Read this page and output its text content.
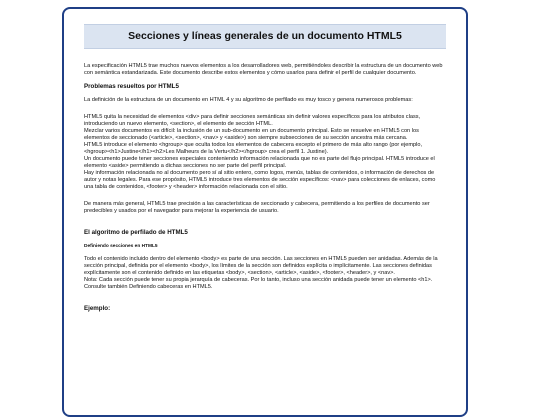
Secciones y líneas generales de un documento HTML5

La especificación HTML5 trae muchos nuevos elementos a los desarrolladores web, permitiéndoles describir la estructura de un documento web con semántica estandarizada. Este documento describe estos elementos y cómo usarlos para definir el perfil de cualquier documento.

Problemas resueltos por HTML5

La definición de la estructura de un documento en HTML 4 y su algoritmo de perfilado es muy tosco y genera numerosos problemas:

HTML5 quita la necesidad de elementos <div> para definir secciones semánticas sin definir valores específicos para los atributos class, introduciendo un nuevo elemento, <section>, el elemento de sección HTML.

Mezclar varios documentos es difícil: la inclusión de un sub-documento en un documento principal. Esto se resuelve en HTML5 con los elementos de seccionado (<article>, <section>, <nav> y <aside>) son siempre subsecciones de su sección ancestra más cercana.

HTML5 introduce el elemento <hgroup> que oculta todos los elementos de cabecera excepto el primero de más alto rango (por ejemplo, <hgroup><h1>Justine</h1><h2>Les Malheurs de la Vertu</h2></hgroup> crea el perfil 1. Justine).

Un documento puede tener secciones especiales conteniendo información relacionada que no es parte del flujo principal. HTML5 introduce el elemento <aside> permitiendo a dichas secciones no ser parte del perfil principal.

Hay información relacionada no al documento pero sí al sitio entero, como logos, menús, tablas de contenidos, o información de derechos de autor y notas legales. Para ese propósito, HTML5 introduce tres elementos de sección específicos: <nav> para colecciones de enlaces, como una tabla de contenidos, <footer> y <header> información relacionada con el sitio.

De manera más general, HTML5 trae precisión a las características de seccionado y cabecera, permitiendo a los perfiles de documento ser predecibles y usados por el navegador para mejorar la experiencia de usuario.

El algoritmo de perfilado de HTML5
Definiendo secciones en HTML5

Todo el contenido incluido dentro del elemento <body> es parte de una sección. Las secciones en HTML5 pueden ser anidadas. Además de la sección principal, definida por el elemento <body>, los límites de la sección son definidos explícita o implícitamente. Las secciones definidas explícitamente son el contenido definido en las etiquetas <body>, <section>, <article>, <aside>, <footer>, <header>, y <nav>.

Nota: Cada sección puede tener su propia jerarquía de cabeceras. Por lo tanto, incluso una sección anidada puede tener un elemento <h1>. Consulte también Definiendo cabeceras en HTML5.

Ejemplo:
